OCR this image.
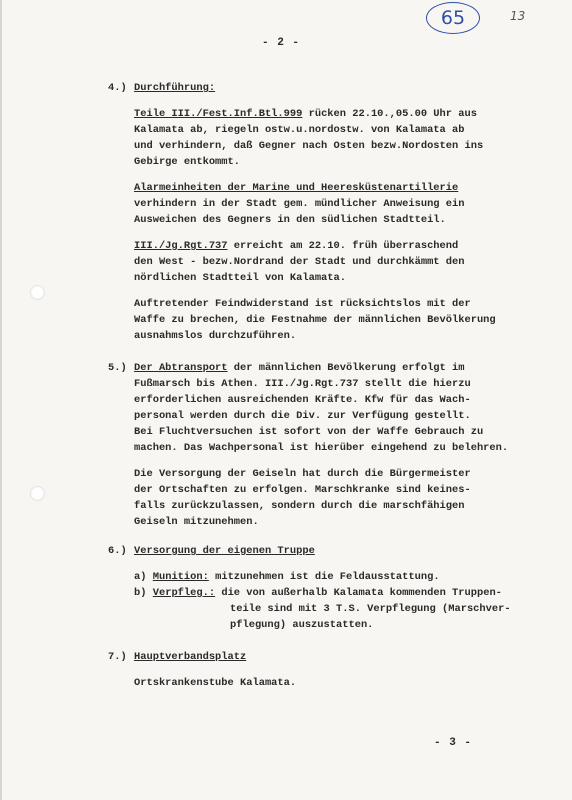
65	13
- 2 -
4.) Durchführung:

Teile III./Fest.Inf.Btl.999 rücken 22.10.,05.00 Uhr aus

Kalamata ab, riegeln ostw.u.nordostw. von Kalamata ab

und verhindern, daß Gegner nach Osten bezw.Nordosten ins

Gebirge entkommt.

Alarmeinheiten der Marine und Heeresküstenartillerie

verhindern in der Stadt gem. mündlicher Anweisung ein

Ausweichen des Gegners in den südlichen Stadtteil.

III./Jg.Rgt.737 erreicht am 22.10. früh überraschend

den West - bezw.Nordrand der Stadt und durchkämmt den

nördlichen Stadtteil von Kalamata.

Auftretender Feindwiderstand ist rücksichtslos mit der

Waffe zu brechen, die Festnahme der männlichen Bevölkerung

ausnahmslos durchzuführen.

5.) Der Abtransport der männlichen Bevölkerung erfolgt im

Fußmarsch bis Athen. III./Jg.Rgt.737 stellt die hierzu

erforderlichen ausreichenden Kräfte. Kfw für das Wach-

personal werden durch die Div. zur Verfügung gestellt.

Bei Fluchtversuchen ist sofort von der Waffe Gebrauch zu

machen. Das Wachpersonal ist hierüber eingehend zu belehren.

Die Versorgung der Geiseln hat durch die Bürgermeister

der Ortschaften zu erfolgen. Marschkranke sind keines-

falls zurückzulassen, sondern durch die marschfähigen

Geiseln mitzunehmen.

6.) Versorgung der eigenen Truppe
a) Munition: mitzunehmen ist die Feldausstattung.
b) Verpfleg.: die von außerhalb Kalamata kommenden Truppen-
teile sind mit 3 T.S. Verpflegung (Marschver-
pflegung) auszustatten.
7.) Hauptverbandsplatz

Ortskrankenstube Kalamata.

- 3 -
